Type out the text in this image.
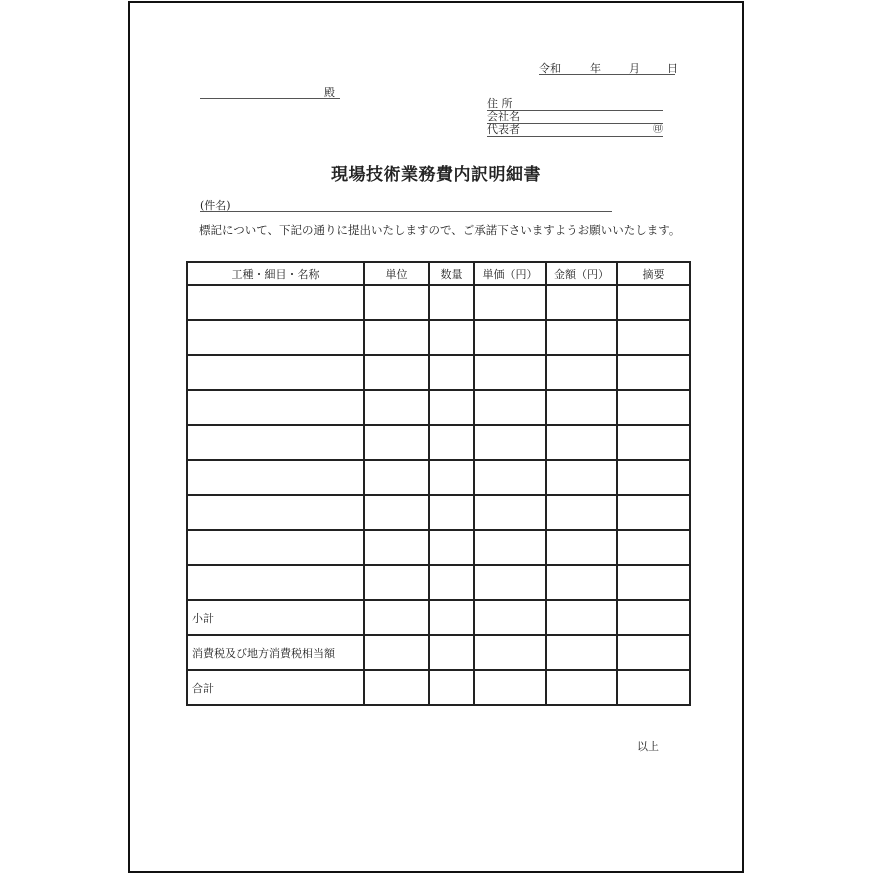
令和	年	月 日
殿
住 所
会社名
代表者	㊞
現場技術業務費内訳明細書
(件名)
標記について、下記の通りに提出いたしますので、ご承諾下さいますようお願いいたします。
工種・細目・名称	単位	数量	単価（円）	金額（円）	摘要

小計					
消費税及び地方消費税相当額					
合計					
以上
